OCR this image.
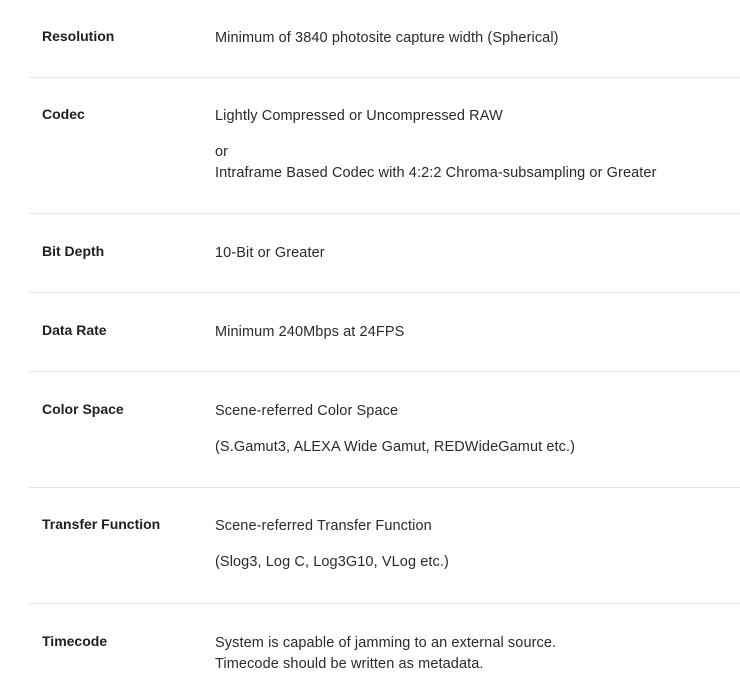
Resolution	Minimum of 3840 photosite capture width (Spherical)
Codec	Lightly Compressed or Uncompressed RAW
or
Intraframe Based Codec with 4:2:2 Chroma-subsampling or Greater
Bit Depth	10-Bit or Greater
Data Rate	Minimum 240Mbps at 24FPS
Color Space	Scene-referred Color Space
(S.Gamut3, ALEXA Wide Gamut, REDWideGamut etc.)
Transfer Function	Scene-referred Transfer Function
(Slog3, Log C, Log3G10, VLog etc.)
Timecode	System is capable of jamming to an external source.
Timecode should be written as metadata.
